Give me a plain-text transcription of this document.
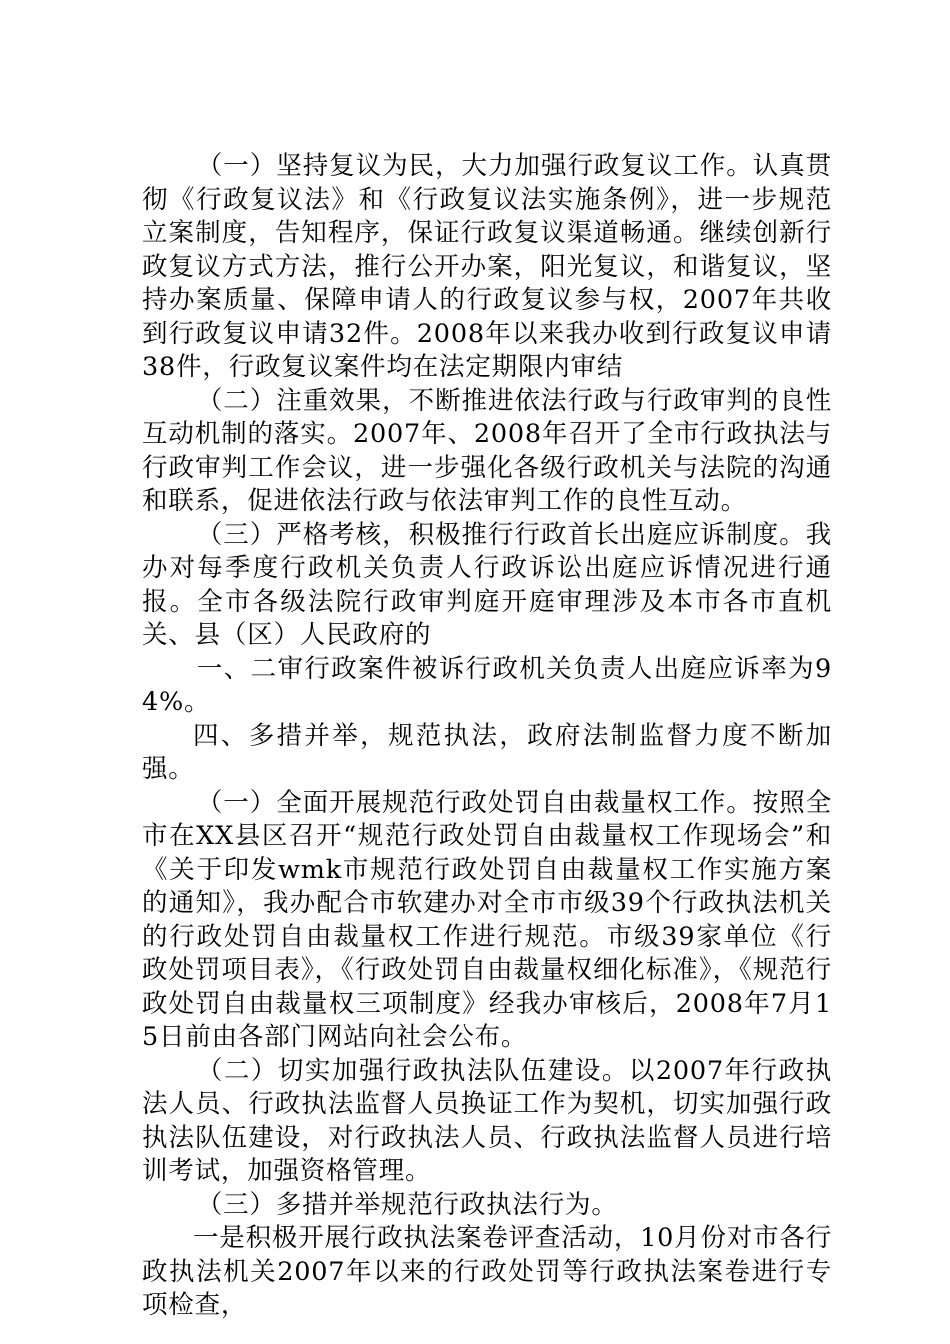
（一）坚持复议为民，大力加强行政复议工作。认真贯彻《行政复议法》和《行政复议法实施条例》，进一步规范立案制度，告知程序，保证行政复议渠道畅通。继续创新行政复议方式方法，推行公开办案，阳光复议，和谐复议，坚持办案质量、保障申请人的行政复议参与权，2007年共收到行政复议申请32件。2008年以来我办收到行政复议申请38件，行政复议案件均在法定期限内审结

（二）注重效果，不断推进依法行政与行政审判的良性互动机制的落实。2007年、2008年召开了全市行政执法与行政审判工作会议，进一步强化各级行政机关与法院的沟通和联系，促进依法行政与依法审判工作的良性互动。

（三）严格考核，积极推行行政首长出庭应诉制度。我办对每季度行政机关负责人行政诉讼出庭应诉情况进行通报。全市各级法院行政审判庭开庭审理涉及本市各市直机关、县（区）人民政府的

一、二审行政案件被诉行政机关负责人出庭应诉率为94%。

四、多措并举，规范执法，政府法制监督力度不断加强。

（一）全面开展规范行政处罚自由裁量权工作。按照全市在XX县区召开“规范行政处罚自由裁量权工作现场会”和《关于印发wmk市规范行政处罚自由裁量权工作实施方案的通知》，我办配合市软建办对全市市级39个行政执法机关的行政处罚自由裁量权工作进行规范。市级39家单位《行政处罚项目表》，《行政处罚自由裁量权细化标准》，《规范行政处罚自由裁量权三项制度》经我办审核后，2008年7月15日前由各部门网站向社会公布。

（二）切实加强行政执法队伍建设。以2007年行政执法人员、行政执法监督人员换证工作为契机，切实加强行政执法队伍建设，对行政执法人员、行政执法监督人员进行培训考试，加强资格管理。

（三）多措并举规范行政执法行为。

一是积极开展行政执法案卷评查活动，10月份对市各行政执法机关2007年以来的行政处罚等行政执法案卷进行专项检查，
